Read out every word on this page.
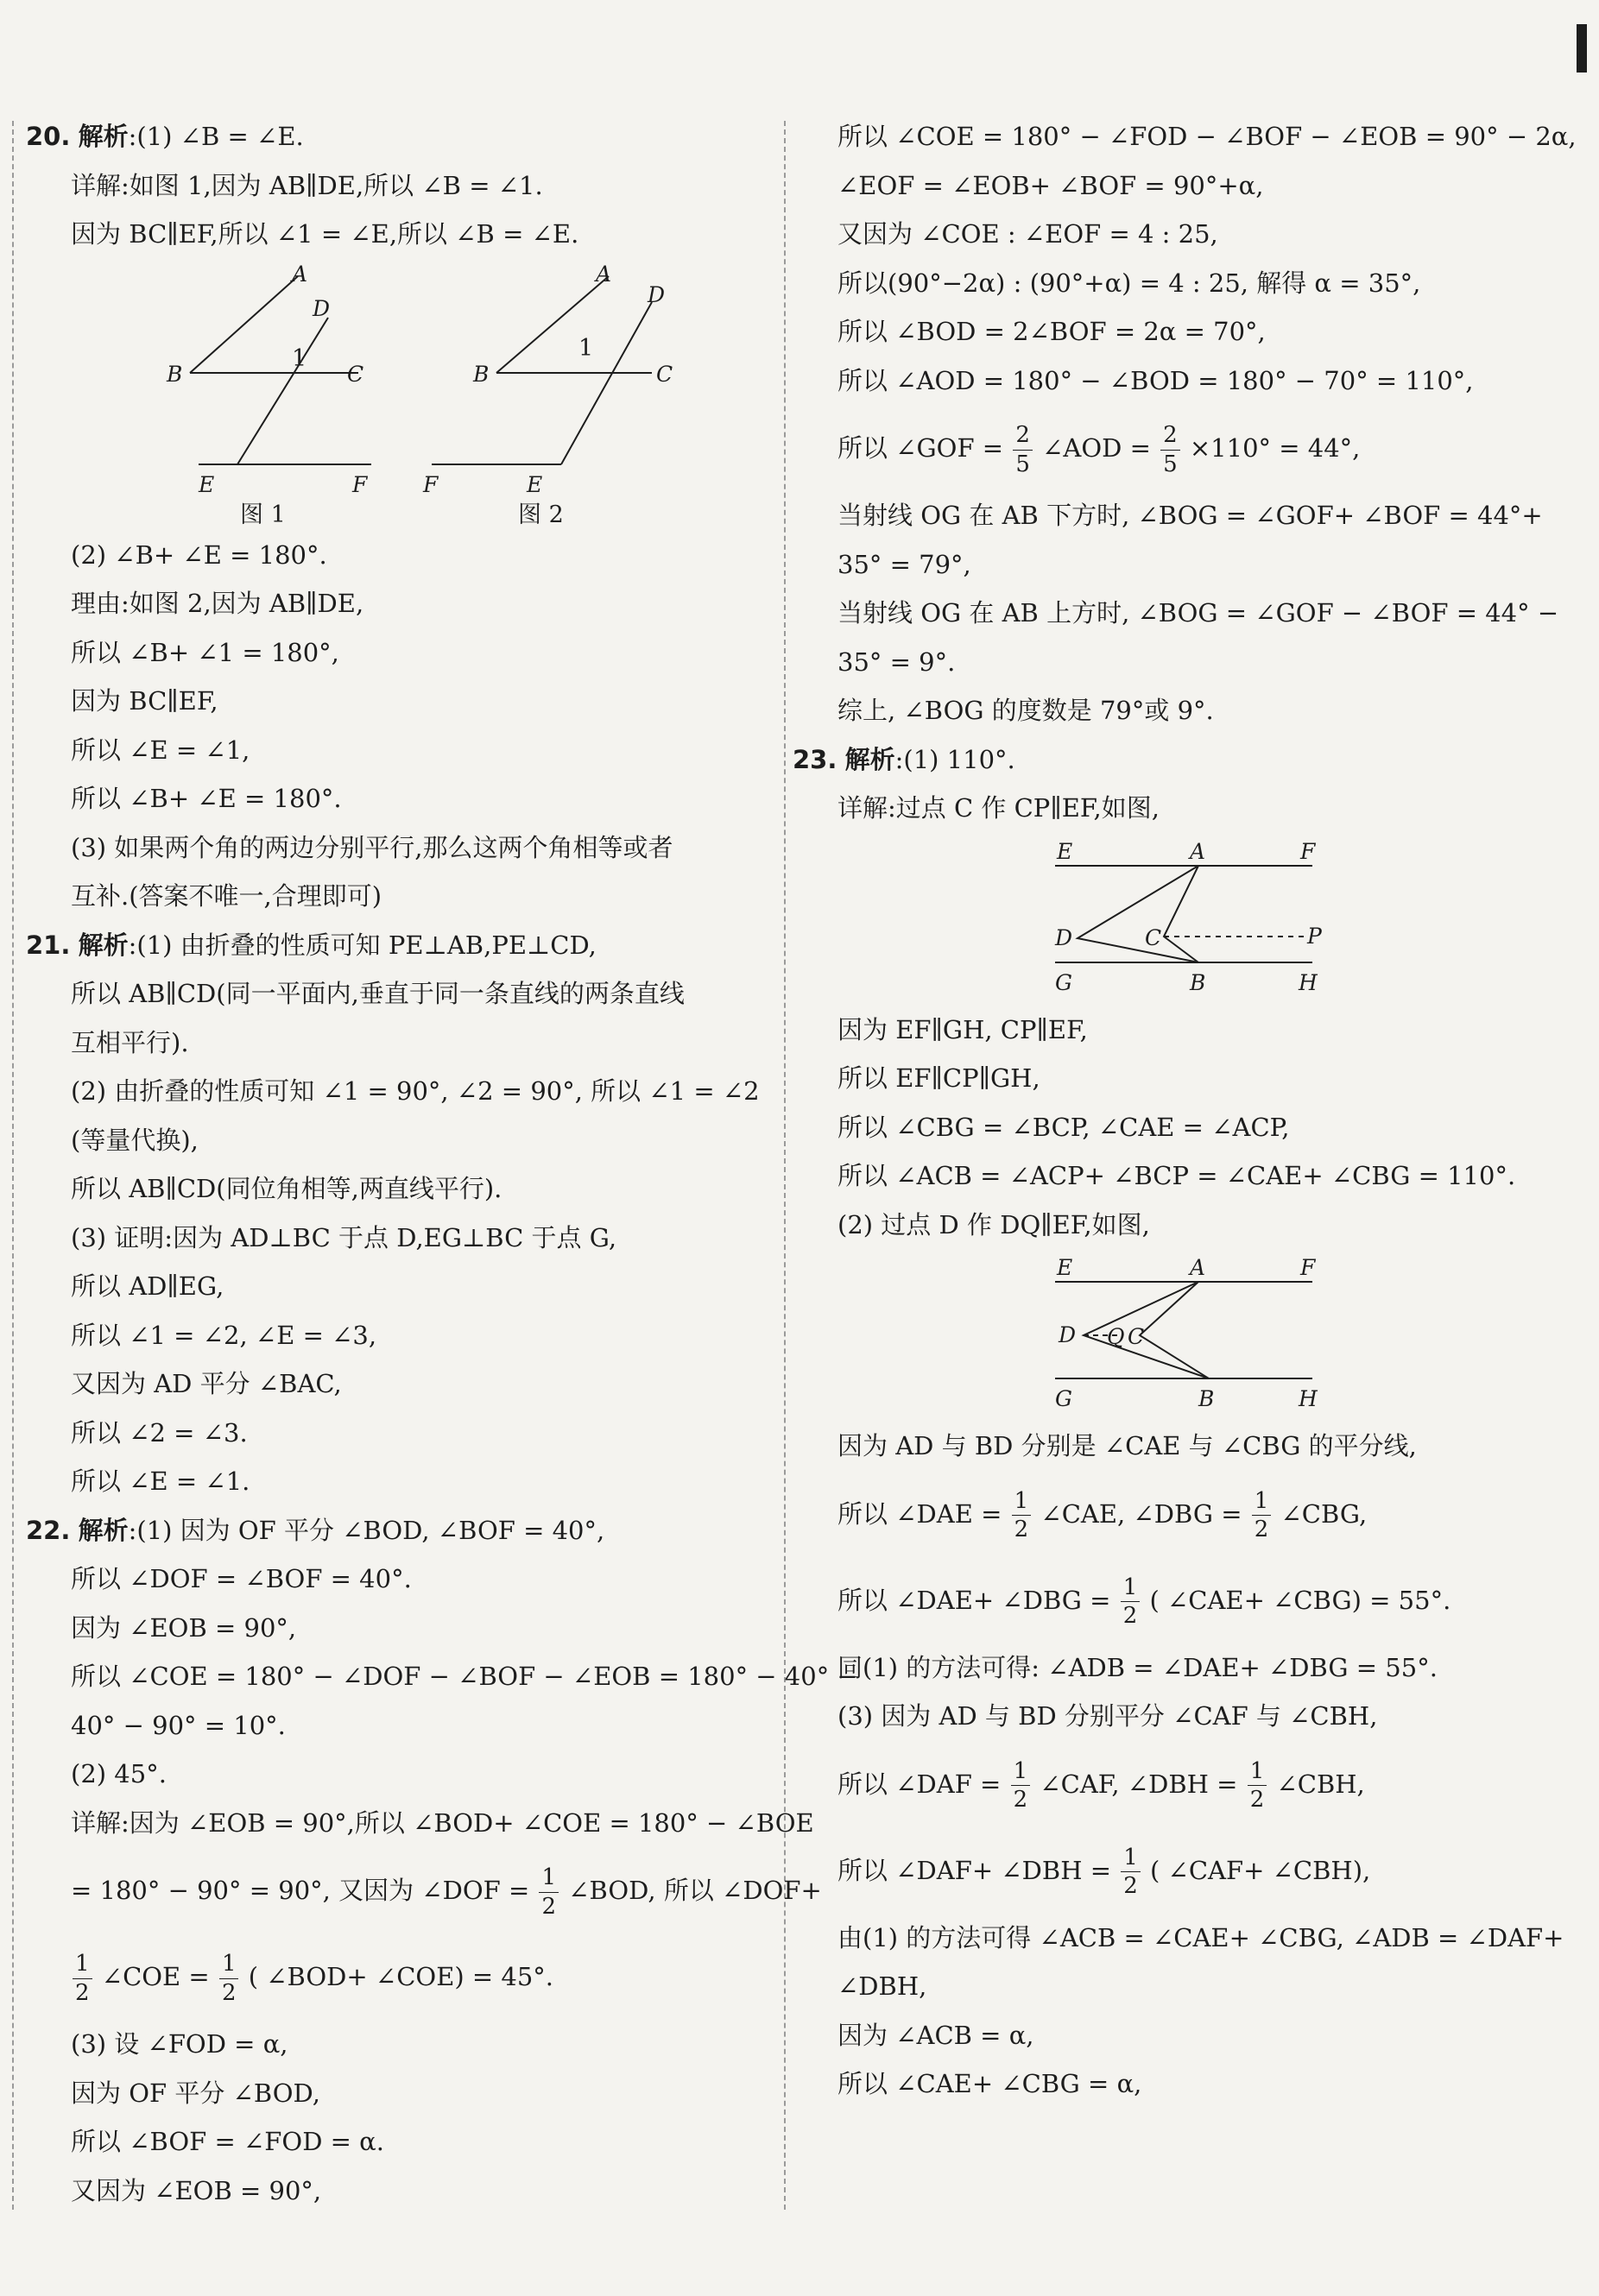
20. 解析:(1) ∠B = ∠E.
详解:如图 1,因为 AB∥DE,所以 ∠B = ∠1.
因为 BC∥EF,所以 ∠1 = ∠E,所以 ∠B = ∠E.
A
D
1
B	C
E	F
图 1
A
D
1
B	C
F	E
图 2
(2) ∠B+ ∠E = 180°.
理由:如图 2,因为 AB∥DE,
所以 ∠B+ ∠1 = 180°,
因为 BC∥EF,
所以 ∠E = ∠1,
所以 ∠B+ ∠E = 180°.
(3) 如果两个角的两边分别平行,那么这两个角相等或者
互补.(答案不唯一,合理即可)
21. 解析:(1) 由折叠的性质可知 PE⊥AB,PE⊥CD,
所以 AB∥CD(同一平面内,垂直于同一条直线的两条直线
互相平行).
(2) 由折叠的性质可知 ∠1 = 90°, ∠2 = 90°, 所以 ∠1 = ∠2
(等量代换),
所以 AB∥CD(同位角相等,两直线平行).
(3) 证明:因为 AD⊥BC 于点 D,EG⊥BC 于点 G,
所以 AD∥EG,
所以 ∠1 = ∠2, ∠E = ∠3,
又因为 AD 平分 ∠BAC,
所以 ∠2 = ∠3.
所以 ∠E = ∠1.
22. 解析:(1) 因为 OF 平分 ∠BOD, ∠BOF = 40°,
所以 ∠DOF = ∠BOF = 40°.
因为 ∠EOB = 90°,
所以 ∠COE = 180° − ∠DOF − ∠BOF − ∠EOB = 180° − 40° −
40° − 90° = 10°.
(2) 45°.
详解:因为 ∠EOB = 90°,所以 ∠BOD+ ∠COE = 180° − ∠BOE
= 180° − 90° = 90°, 又因为 ∠DOF = $\frac{1}{2}$ ∠BOD, 所以 ∠DOF+
$\frac{1}{2}$ ∠COE = $\frac{1}{2}$ ( ∠BOD+ ∠COE) = 45°.
(3) 设 ∠FOD = α,
因为 OF 平分 ∠BOD,
所以 ∠BOF = ∠FOD = α.
又因为 ∠EOB = 90°,
所以 ∠COE = 180° − ∠FOD − ∠BOF − ∠EOB = 90° − 2α,
∠EOF = ∠EOB+ ∠BOF = 90°+α,
又因为 ∠COE : ∠EOF = 4 : 25,
所以(90°−2α) : (90°+α) = 4 : 25, 解得 α = 35°,
所以 ∠BOD = 2∠BOF = 2α = 70°,
所以 ∠AOD = 180° − ∠BOD = 180° − 70° = 110°,
所以 ∠GOF = $\frac{2}{5}$ ∠AOD = $\frac{2}{5} \times 110^\circ = 44^\circ$,
当射线 OG 在 AB 下方时, ∠BOG = ∠GOF+ ∠BOF = 44°+
35° = 79°,
当射线 OG 在 AB 上方时, ∠BOG = ∠GOF − ∠BOF = 44° −
35° = 9°.
综上, ∠BOG 的度数是 79°或 9°.
23. 解析:(1) 110°.
详解:过点 C 作 CP∥EF,如图,
E	A	F
D	C	P
G	B	H
因为 EF∥GH, CP∥EF,
所以 EF∥CP∥GH,
所以 ∠CBG = ∠BCP, ∠CAE = ∠ACP,
所以 ∠ACB = ∠ACP+ ∠BCP = ∠CAE+ ∠CBG = 110°.
(2) 过点 D 作 DQ∥EF,如图,
E	A	F
D Q C
G	B	H
因为 AD 与 BD 分别是 ∠CAE 与 ∠CBG 的平分线,
所以 ∠DAE = $\frac{1}{2}$ ∠CAE, ∠DBG = $\frac{1}{2}$ ∠CBG,
所以 ∠DAE+ ∠DBG = $\frac{1}{2}$ ( ∠CAE+ ∠CBG) = 55°.
同(1) 的方法可得: ∠ADB = ∠DAE+ ∠DBG = 55°.
(3) 因为 AD 与 BD 分别平分 ∠CAF 与 ∠CBH,
所以 ∠DAF = $\frac{1}{2}$ ∠CAF, ∠DBH = $\frac{1}{2}$ ∠CBH,
所以 ∠DAF+ ∠DBH = $\frac{1}{2}$ ( ∠CAF+ ∠CBH),
由(1) 的方法可得 ∠ACB = ∠CAE+ ∠CBG, ∠ADB = ∠DAF+
∠DBH,
因为 ∠ACB = α,
所以 ∠CAE+ ∠CBG = α,
